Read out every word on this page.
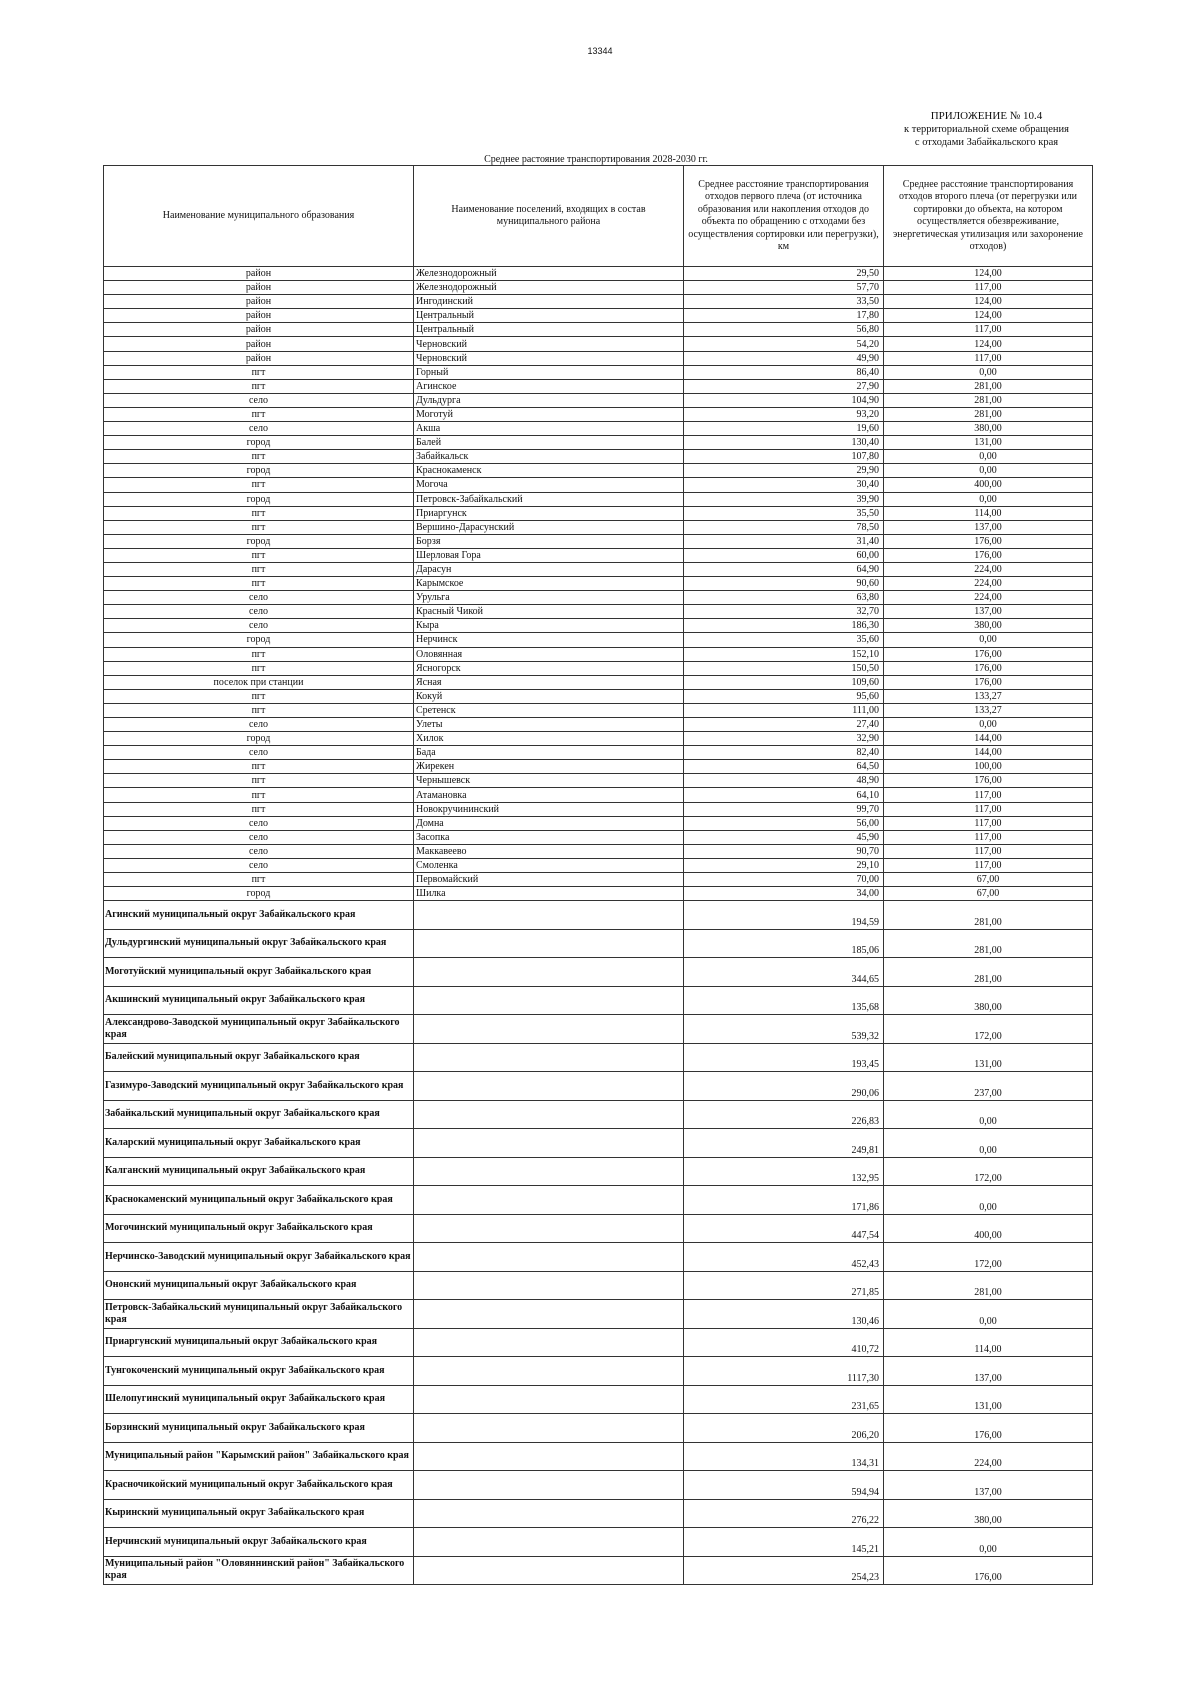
13344
ПРИЛОЖЕНИЕ № 10.4
к территориальной схеме обращения
с отходами Забайкальского края
Среднее растояние транспортирования 2028-2030 гг.
Наименование муниципального образования	Наименование поселений, входящих в состав муниципального района	Среднее расстояние транспортирования отходов первого плеча (от источника образования или накопления отходов до объекта по обращению с отходами без осуществления сортировки или перегрузки), км	Среднее расстояние транспортирования отходов второго плеча (от перегрузки или сортировки до объекта, на котором осуществляется обезвреживание, энергетическая утилизация или захоронение отходов)
район	Железнодорожный	29,50	124,00
район	Железнодорожный	57,70	117,00
район	Ингодинский	33,50	124,00
район	Центральный	17,80	124,00
район	Центральный	56,80	117,00
район	Черновский	54,20	124,00
район	Черновский	49,90	117,00
пгт	Горный	86,40	0,00
пгт	Агинское	27,90	281,00
село	Дульдурга	104,90	281,00
пгт	Моготуй	93,20	281,00
село	Акша	19,60	380,00
город	Балей	130,40	131,00
пгт	Забайкальск	107,80	0,00
город	Краснокаменск	29,90	0,00
пгт	Могоча	30,40	400,00
город	Петровск-Забайкальский	39,90	0,00
пгт	Приаргунск	35,50	114,00
пгт	Вершино-Дарасунский	78,50	137,00
город	Борзя	31,40	176,00
пгт	Шерловая Гора	60,00	176,00
пгт	Дарасун	64,90	224,00
пгт	Карымское	90,60	224,00
село	Урульга	63,80	224,00
село	Красный Чикой	32,70	137,00
село	Кыра	186,30	380,00
город	Нерчинск	35,60	0,00
пгт	Оловянная	152,10	176,00
пгт	Ясногорск	150,50	176,00
поселок при станции	Ясная	109,60	176,00
пгт	Кокуй	95,60	133,27
пгт	Сретенск	111,00	133,27
село	Улеты	27,40	0,00
город	Хилок	32,90	144,00
село	Бада	82,40	144,00
пгт	Жирекен	64,50	100,00
пгт	Чернышевск	48,90	176,00
пгт	Атамановка	64,10	117,00
пгт	Новокручининский	99,70	117,00
село	Домна	56,00	117,00
село	Засопка	45,90	117,00
село	Маккавеево	90,70	117,00
село	Смоленка	29,10	117,00
пгт	Первомайский	70,00	67,00
город	Шилка	34,00	67,00
Агинский муниципальный округ Забайкальского края		194,59	281,00
Дульдургинский муниципальный округ Забайкальского края		185,06	281,00
Моготуйский муниципальный округ Забайкальского края		344,65	281,00
Акшинский муниципальный округ Забайкальского края		135,68	380,00
Александрово-Заводской муниципальный округ Забайкальского края		539,32	172,00
Балейский муниципальный округ Забайкальского края		193,45	131,00
Газимуро-Заводский муниципальный округ Забайкальского края		290,06	237,00
Забайкальский муниципальный округ Забайкальского края		226,83	0,00
Каларский муниципальный округ Забайкальского края		249,81	0,00
Калганский муниципальный округ Забайкальского края		132,95	172,00
Краснокаменский муниципальный округ Забайкальского края		171,86	0,00
Могочинский муниципальный округ Забайкальского края		447,54	400,00
Нерчинско-Заводский муниципальный округ Забайкальского края		452,43	172,00
Ононский муниципальный округ Забайкальского края		271,85	281,00
Петровск-Забайкальский муниципальный округ Забайкальского края		130,46	0,00
Приаргунский муниципальный округ Забайкальского края		410,72	114,00
Тунгокоченский муниципальный округ Забайкальского края		1117,30	137,00
Шелопугинский муниципальный округ Забайкальского края		231,65	131,00
Борзинский муниципальный округ Забайкальского края		206,20	176,00
Муниципальный район "Карымский район" Забайкальского края		134,31	224,00
Красночикойский муниципальный округ Забайкальского края		594,94	137,00
Кыринский муниципальный округ Забайкальского края		276,22	380,00
Нерчинский муниципальный округ Забайкальского края		145,21	0,00
Муниципальный район "Оловяннинский район" Забайкальского края		254,23	176,00
